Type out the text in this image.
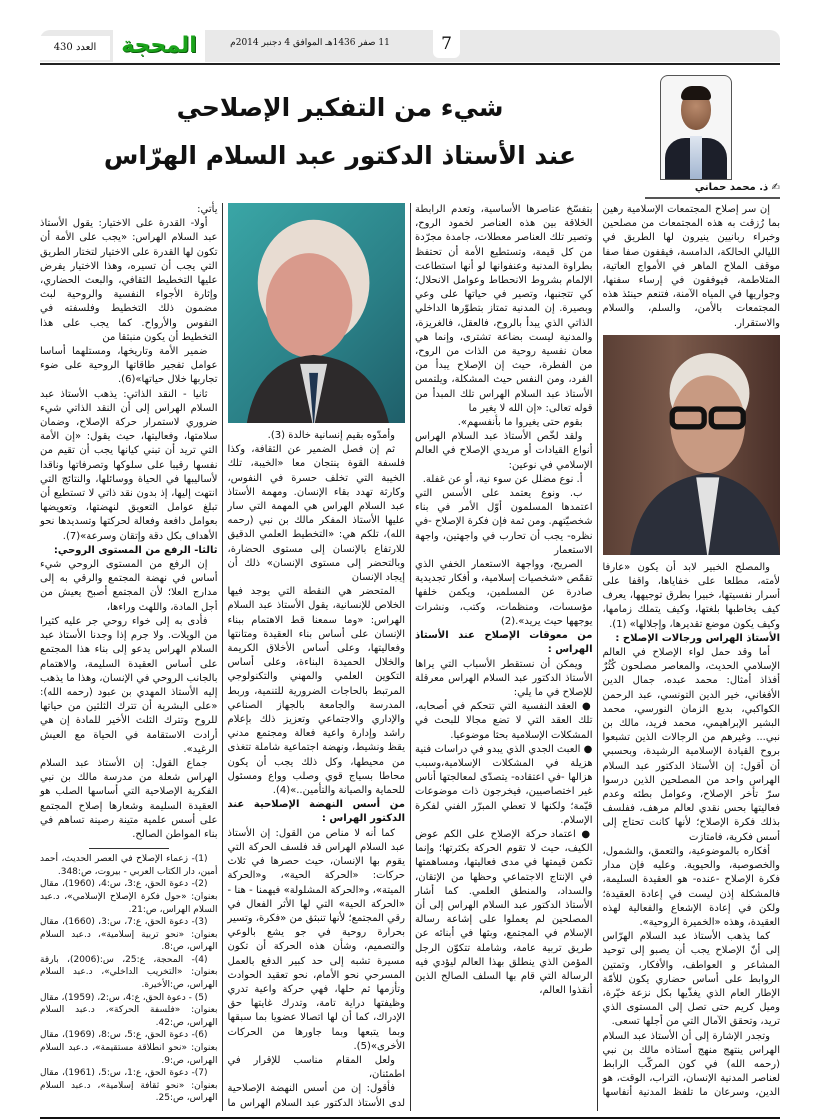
العدد 430	المحجة	11 صفر 1436هـ الموافق 4 دجنبر 2014م	7
شيء من التفكير الإصلاحي
عند الأستاذ الدكتور عبد السلام الهرّاس
✍ ذ. محمد حماني

إن سر إصلاح المجتمعات الإسلامية رهين بما رُزقت به هذه المجتمعات من مصلحين وخبراء ربانيين ينيرون لها الطريق في الليالي الحالكة، الدامسة، فيقفون صفا صفا موقف الملاح الماهر في الأمواج العاتية، المتلاطمة، فيوفقون في إرساء سفنها، وجواريها في المياه الآمنة، فتنعم حينئذ هذه المجتمعات بالأمن، والسلم، والسلام والاستقرار.

والمصلح الخبير لابد أن يكون «عارفا لأمته، مطلعا على خفاياها، واقفا على أسرار نفسيتها، خبيرا بطرق توجيهها، يعرف كيف يخاطبها بلغتها، وكيف يتملك زمامها، وكيف يكون موضع تقديرها، وإجلالها» (1).

الأستاذ الهراس ورجالات الإصلاح :

أما وقد حمل لواء الإصلاح في العالم الإسلامي الحديث، والمعاصر مصلحون كُثُرٌ أفذاذ أمثال: محمد عبده، جمال الدين الأفغاني، خير الدين التونسي، عبد الرحمن الكواكبي، بديع الزمان النورسي، محمد البشير الإبراهيمي، محمد فريد، مالك بن نبي... وغيرهم من الرجالات الذين تشبعوا بروح القيادة الإسلامية الرشيدة، وبحسبي أن أقول: إن الأستاذ الدكتور عبد السلام الهراس واحد من المصلحين الذين درسوا سرّ تأخر الإصلاح، وعوامل بطئه وعدم فعاليتها بحس نقدي لعالم مرهف، ففلسف بذلك فكرة الإصلاح؛ لأنها كانت تحتاج إلى أسس فكرية، فامتازت

أفكاره بالموضوعية، والتعمق، والشمول، والخصوصية، والحيوية. وعليه فإن مدار فكرة الإصلاح -عنده- هو العقيدة السليمة، فالمشكلة إذن ليست في إعادة العقيدة؛ ولكن في إعادة الإشعاع والفعالية لهذه العقيدة، وهذه «الخميرة الروحية».

كما يذهب الأستاذ عبد السلام الهرّاس إلى أنّ الإصلاح يجب أن يصبو إلى توحيد المشاعر و العواطف، والأفكار، وتمتين الروابط على أساس حضاري يكون للأمّة الإطار العام الذي يغذّيها بكل نزعة خيّرة، وميل كريم حتى تصل إلى المستوى الذي تريد، وتحقق الآمال التي من أجلها تسعى.

وتجدر الإشارة إلى أن الأستاذ عبد السلام الهراس ينتهج منهج أستاذه مالك بن نبي (رحمه الله) في كون المركّب الرابط لعناصر المدنية الإنسان، التراب، الوقت، هو الدين، وسرعان ما تلفظ المدنية أنفاسها بتفسّخ عناصرها الأساسية، وتعدم الرابطة الخلاقة بين هذه العناصر لخمود الروح، وتصير تلك العناصر معطلات، جامدة مجرّدة من كل قيمة، وتستطيع الأمة أن تحتفظ بطراوة المدنية وعنفوانها لو أنها استطاعت الإلمام بشروط الانحطاط وعوامل الانحلال؛ كي تتجنبها، وتصير في حياتها على وعي وبصيرة. إن المدنية تمتاز بتطوّرها الداخلي الذاتي الذي يبدأ بالروح، فالعقل، فالغريزة، والمدنية ليست بضاعة تشترى، وإنما هي معان نفسية روحية من الذات من الروح، من الفطرة، حيث إن الإصلاح يبدأ من الفرد، ومن النفس حيث المشكلة، ويلتمس الأستاذ عبد السلام الهراس تلك المبدأ من قوله تعالى: «إن الله لا يغير ما

بقوم حتى يغيروا ما بأنفسهم».

ولقد لخّص الأستاذ عبد السلام الهراس أنواع القيادات أو مريدي الإصلاح في العالم الإسلامي في نوعين:

أ. نوع مضلل عن سوء نية، أو عن غفلة.

ب. ونوع يعتمد على الأسس التي اعتمدها المسلمون أوّل الأمر في بناء شخصيّتهم. ومن ثمة فإن فكرة الإصلاح -في نظره- يجب أن تحارب في واجهتين، واجهة الاستعمار

الصريح، وواجهة الاستعمار الخفي الذي تقمّص «شخصيات إسلامية، و أفكار تجديدية صادرة عن المسلمين، ويكمن خلفها مؤسسات، ومنظمات، وكتب، ونشرات يوجهها حيث يريد».(2)

من معوقات الإصلاح عند الأستاذ الهراس :

ويمكن أن نستقطر الأسباب التي يراها الأستاذ الدكتور عبد السلام الهراس معرقلة للإصلاح في ما يلي:

● العقد النفسية التي تتحكم في أصحابه، تلك العقد التي لا تضع مجالا للبحث في المشكلات الإسلامية بحثا موضوعيا.

● العبث الجدي الذي يبدو في دراسات فنية هزيلة في المشكلات الإسلامية،وسبب هزالها -في اعتقاده- يتصدّى لمعالجتها أناس غير اختصاصيين، فيخرجون ذات موضوعات قيّمة؛ ولكنها لا تعطي المبرّر الفني لفكرة الإسلام.

● اعتماد حركة الإصلاح على الكم عوض الكيف، حيث لا تقوم الحركة بكثرتها؛ وإنما تكمن قيمتها في مدى فعاليتها، ومساهمتها في الإنتاج الاجتماعي وحظها من الإتقان، والسداد، والمنطق العلمي. كما أشار الأستاذ الدكتور عبد السلام الهراس إلى أن المصلحين لم يعملوا على إشاعة رسالة الإسلام في المجتمع، وبثها في أبنائه عن طريق تربية عامة، وشاملة تتكوّن الرجل المؤمن الذي ينطلق بهذا العالم ليؤدي فيه الرسالة التي قام بها السلف الصالح الذين أنقذوا العالم،

وأمدّوه بقيم إنسانية خالدة (3).

ثم إن فصل الضمير عن الثقافة، وكذا فلسفة القوة ينتجان معا «الخيبة، تلك الخيبة التي تخلف حسرة في النفوس، وكارثة تهدد بقاء الإنسان. ومهمة الأستاذ عبد السلام الهراس هي المهمة التي سار عليها الأستاذ المفكر مالك بن نبي (رحمه الله)، تلكم هي: «التخطيط العلمي الدقيق للارتفاع بالإنسان إلى مستوى الحضارة، وبالتحضر إلى مستوى الإنسان» ذلك أن إيجاد الإنسان

المتحضر هي النقطة التي يوجد فيها الخلاص للإنسانية، يقول الأستاذ عبد السلام الهراس: «وما سمعنا قط الاهتمام ببناء الإنسان على أساس بناء العقيدة ومتانتها وفعاليتها، وعلى أساس الأخلاق الكريمة والخلال الحميدة البناءة، وعلى أساس التكوين العلمي والمهني والتكنولوجي المرتبط بالحاجات الضرورية للتنمية، وربط المدرسة والجامعة بالجهاز الصناعي والإداري والاجتماعي وتعزيز ذلك بإعلام راشد وإدارة واعية فعالة ومجتمع مدني يقظ ونشيط، ونهضة اجتماعية شاملة تتغذى من محيطها، وكل ذلك يجب أن يكون محاطا بسياج قوي وصلب وواع ومسئول للحماية والصيانة والتأمين..»(4).

من أسس النهضة الإصلاحية عند الدكتور الهراس :

كما أنه لا مناص من القول: إن الأستاذ عبد السلام الهراس قد فلسف الحركة التي يقوم بها الإنسان، حيث حصرها في ثلاث حركات: «الحركة الحية»، و«الحركة الميتة»، و«الحركة المشلولة» فيهمنا - هنا - «الحركة الحية» التي لها الأثر الفعال في رقي المجتمع؛ لأنها تنبثق من «فكرة، وتسير بحرارة روحية في جو يشع بالوعي والتصميم، وشأن هذه الحركة أن تكون مسيرة تشبه إلى حد كبير الدفع بالعمل المسرحي نحو الأمام، نحو تعقيد الحوادث وتأزمها ثم حلها، فهي حركة واعية تدري وظيفتها دراية تامة، وتدرك غايتها حق الإدراك، كما أن لها اتصالا عضويا بما سبقها وبما يتبعها وبما جاورها من الحركات الأخرى»(5).

ولعل المقام مناسب للإقرار في اطمئنان،

فأقول: إن من أسس النهضة الإصلاحية لدى الأستاذ الدكتور عبد السلام الهراس ما يأتي:

أولا- القدرة على الاختيار: يقول الأستاذ عبد السلام الهراس: «يجب على الأمة أن تكون لها القدرة على الاختيار لتختار الطريق التي يجب أن تسيره، وهذا الاختيار يفرض عليها التخطيط الثقافي، والبعث الحضاري، وإثارة الأجواء النفسية والروحية لبث مضمون ذلك التخطيط وفلسفته في النفوس والأرواح. كما يجب على هذا التخطيط أن يكون منبثقا من

ضمير الأمة وتاريخها، ومستلهما أساسا عوامل تفجير طاقاتها الروحية على ضوء تجاربها خلال حياتها»(6).

ثانيا - النقد الذاتي: يذهب الأستاذ عبد السلام الهراس إلى أن النقد الذاتي شيء ضروري لاستمرار حركة الإصلاح، وضمان سلامتها، وفعاليتها، حيث يقول: «إن الأمة التي تريد أن تبني كيانها يجب أن تقيم من نفسها رقيبا على سلوكها وتصرفاتها وناقدا لأساليبها في الحياة ووسائلها، والنتائج التي انتهت إليها، إذ بدون نقد ذاتي لا تستطيع أن تبلغ عوامل التعويق لنهضتها، وتعويضها بعوامل دافعة وفعالة لحركتها وتسديدها نحو الأهداف بكل دقة وإتقان وسرعة»(7).

ثالثا- الرفع من المستوى الروحي:

إن الرفع من المستوى الروحي شيء أساس في نهضة المجتمع والرقي به إلى مدارج العلا؛ لأن المجتمع أصبح يعيش من أجل المادة، واللهث وراءها،

فأدى به إلى خواء روحي جر عليه كثيرا من الويلات. ولا جرم إذا وجدنا الأستاذ عبد السلام الهراس يدعو إلى بناء هذا المجتمع على أساس العقيدة السليمة، والاهتمام بالجانب الروحي في الإنسان، وهذا ما يذهب إليه الأستاذ المهدي بن عبود (رحمه الله): «على البشرية أن تترك الثلثين من حياتها للروح وتترك الثلث الأخير للمادة إن هي أرادت الاستقامة في الحياة مع العيش الرغيد».

جماع القول: إن الأستاذ عبد السلام الهراس شعلة من مدرسة مالك بن نبي الفكرية الإصلاحية التي أساسها الصلب هو العقيدة السليمة وشعارها إصلاح المجتمع على أسس علمية متينة رصينة تساهم في بناء المواطن الصالح.

(1)- زعماء الإصلاح في العصر الحديث، أحمد أمين، دار الكتاب العربي - بيروت، ص:348.

(2)- دعوة الحق، ع:3، س:4، (1960)، مقال بعنوان: «حول فكرة الإصلاح الإسلامي»، د.عبد السلام الهراس، ص:21.

(3)- دعوة الحق، ع:7، س:3، (1660)، مقال بعنوان: «نحو تربية إسلامية»، د.عبد السلام الهراس، ص:8.

(4)- المحجة، ع:25، س:(2006)، بارقة بعنوان: «التخريب الداخلي»، د.عبد السلام الهراس، ص:الأخيرة.

(5) - دعوة الحق، ع:4، س:2، (1959)، مقال بعنوان: «فلسفة الحركة»، د.عبد السلام الهراس، ص:42.

(6)- دعوة الحق، ع:5، س:8، (1969)، مقال بعنوان: «نحو انطلاقة مستقيمة»، د.عبد السلام الهراس، ص:9.

(7)- دعوة الحق، ع:1، س:5، (1961)، مقال بعنوان: «نحو ثقافة إسلامية»، د.عبد السلام الهراس، ص:25.
